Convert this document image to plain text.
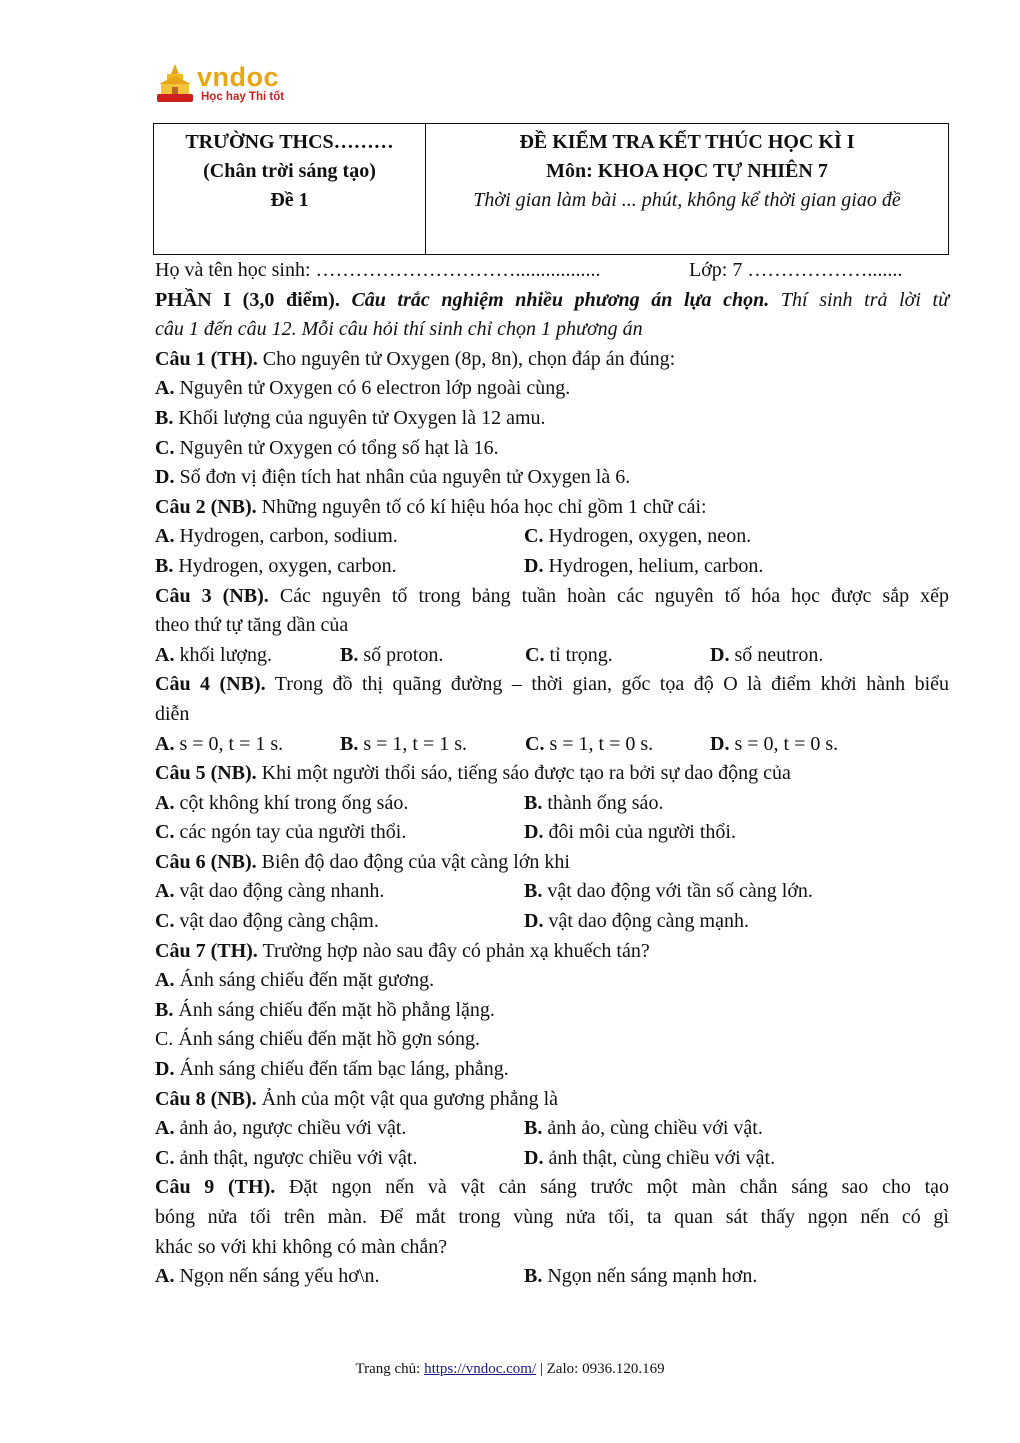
vndoc
Học hay Thi tốt
TRƯỜNG THCS………
(Chân trời sáng tạo)
Đề 1
ĐỀ KIỂM TRA KẾT THÚC HỌC KÌ I
Môn: KHOA HỌC TỰ NHIÊN 7
Thời gian làm bài ... phút, không kể thời gian giao đề
Họ và tên học sinh: ………………………….................	Lớp: 7 ……………….......
PHẦN I (3,0 điểm). Câu trắc nghiệm nhiều phương án lựa chọn. Thí sinh trả lời từ
câu 1 đến câu 12. Mỗi câu hỏi thí sinh chỉ chọn 1 phương án
Câu 1 (TH). Cho nguyên tử Oxygen (8p, 8n), chọn đáp án đúng:
A. Nguyên tử Oxygen có 6 electron lớp ngoài cùng.
B. Khối lượng của nguyên tử Oxygen là 12 amu.
C. Nguyên tử Oxygen có tổng số hạt là 16.
D. Số đơn vị điện tích hat nhân của nguyên tử Oxygen là 6.
Câu 2 (NB). Những nguyên tố có kí hiệu hóa học chỉ gồm 1 chữ cái:
A. Hydrogen, carbon, sodium.	C. Hydrogen, oxygen, neon.
B. Hydrogen, oxygen, carbon.	D. Hydrogen, helium, carbon.
Câu 3 (NB). Các nguyên tố trong bảng tuần hoàn các nguyên tố hóa học được sắp xếp
theo thứ tự tăng dần của
A. khối lượng.	B. số proton.	C. tỉ trọng.	D. số neutron.
Câu 4 (NB). Trong đồ thị quãng đường – thời gian, gốc tọa độ O là điểm khởi hành biểu
diễn
A. s = 0, t = 1 s.	B. s = 1, t = 1 s.	C. s = 1, t = 0 s.	D. s = 0, t = 0 s.
Câu 5 (NB). Khi một người thổi sáo, tiếng sáo được tạo ra bởi sự dao động của
A. cột không khí trong ống sáo.	B. thành ống sáo.
C. các ngón tay của người thổi.	D. đôi môi của người thổi.
Câu 6 (NB). Biên độ dao động của vật càng lớn khi
A. vật dao động càng nhanh.	B. vật dao động với tần số càng lớn.
C. vật dao động càng chậm.	D. vật dao động càng mạnh.
Câu 7 (TH). Trường hợp nào sau đây có phản xạ khuếch tán?
A. Ánh sáng chiếu đến mặt gương.
B. Ánh sáng chiếu đến mặt hồ phẳng lặng.
C. Ánh sáng chiếu đến mặt hồ gợn sóng.
D. Ánh sáng chiếu đến tấm bạc láng, phẳng.
Câu 8 (NB). Ảnh của một vật qua gương phẳng là
A. ảnh ảo, ngược chiều với vật.	B. ảnh ảo, cùng chiều với vật.
C. ảnh thật, ngược chiều với vật.	D. ảnh thật, cùng chiều với vật.
Câu 9 (TH). Đặt ngọn nến và vật cản sáng trước một màn chắn sáng sao cho tạo
bóng nửa tối trên màn. Để mắt trong vùng nửa tối, ta quan sát thấy ngọn nến có gì
khác so với khi không có màn chắn?
A. Ngọn nến sáng yếu hơ\n.	B. Ngọn nến sáng mạnh hơn.
Trang chủ: https://vndoc.com/ | Zalo: 0936.120.169
